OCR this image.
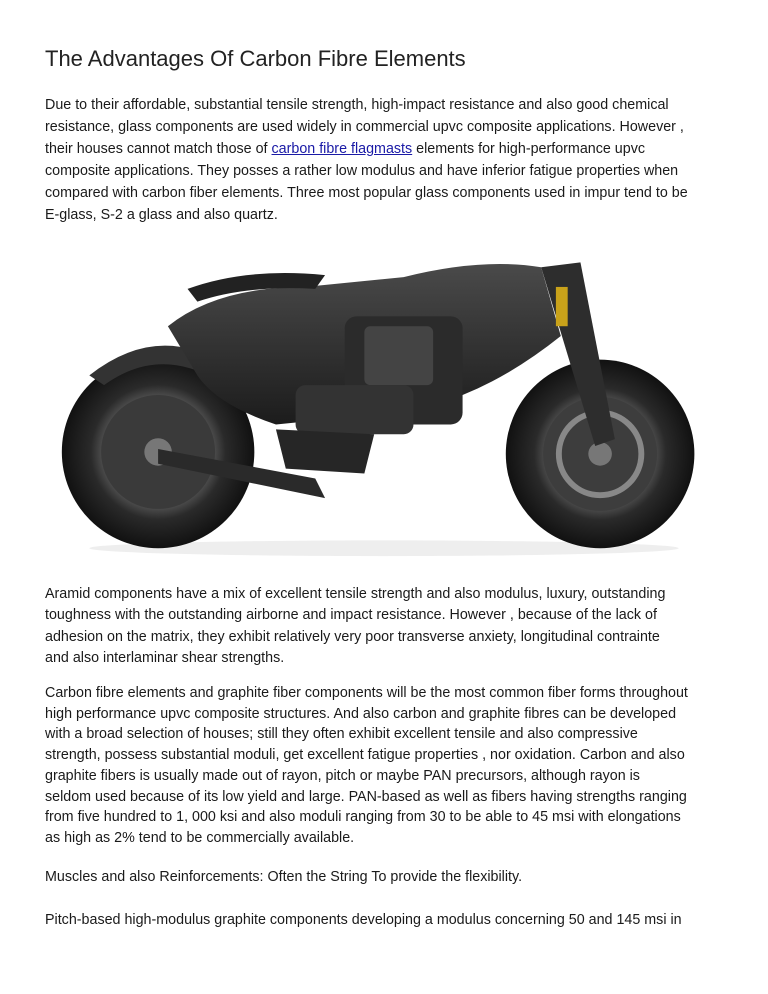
The Advantages Of Carbon Fibre Elements
Due to their affordable, substantial tensile strength, high-impact resistance and also good chemical
resistance, glass components are used widely in commercial upvc composite applications. However ,
their houses cannot match those of carbon fibre flagmasts elements for high-performance upvc
composite applications. They posses a rather low modulus and have inferior fatigue properties when
compared with carbon fiber elements. Three most popular glass components used in impur tend to be
E-glass, S-2 a glass and also quartz.
Aramid components have a mix of excellent tensile strength and also modulus, luxury, outstanding
toughness with the outstanding airborne and impact resistance. However , because of the lack of
adhesion on the matrix, they exhibit relatively very poor transverse anxiety, longitudinal contrainte
and also interlaminar shear strengths.
Carbon fibre elements and graphite fiber components will be the most common fiber forms throughout
high performance upvc composite structures. And also carbon and graphite fibres can be developed
with a broad selection of houses; still they often exhibit excellent tensile and also compressive
strength, possess substantial moduli, get excellent fatigue properties , nor oxidation. Carbon and also
graphite fibers is usually made out of rayon, pitch or maybe PAN precursors, although rayon is
seldom used because of its low yield and large. PAN-based as well as fibers having strengths ranging
from five hundred to 1, 000 ksi and also moduli ranging from 30 to be able to 45 msi with elongations
as high as 2% tend to be commercially available.
Muscles and also Reinforcements: Often the String To provide the flexibility.
Pitch-based high-modulus graphite components developing a modulus concerning 50 and 145 msi in
